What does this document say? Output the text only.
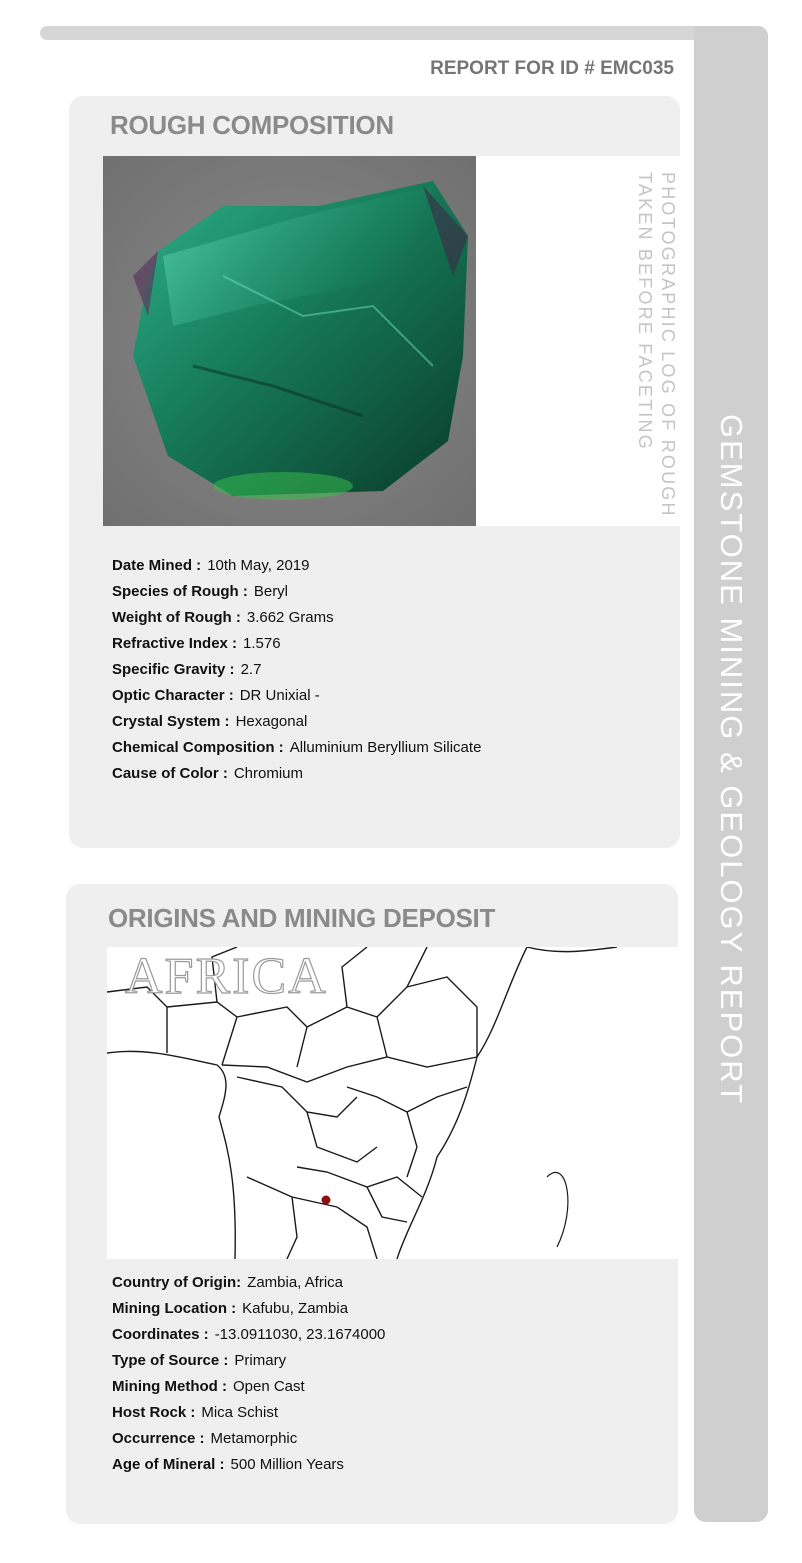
GEMSTONE MINING & GEOLOGY REPORT
REPORT FOR ID # EMC035
ROUGH COMPOSITION
PHOTOGRAPHIC LOG OF ROUGH
TAKEN BEFORE FACETING
Date Mined : 10th May, 2019
Species of Rough : Beryl
Weight of Rough : 3.662 Grams
Refractive Index : 1.576
Specific Gravity : 2.7
Optic Character : DR Unixial -
Crystal System : Hexagonal
Chemical Composition : Alluminium Beryllium Silicate
Cause of Color : Chromium
ORIGINS AND MINING DEPOSIT
AFRICA
Country of Origin: Zambia, Africa
Mining Location : Kafubu, Zambia
Coordinates : -13.0911030, 23.1674000
Type of Source : Primary
Mining Method : Open Cast
Host Rock : Mica Schist
Occurrence : Metamorphic
Age of Mineral : 500 Million Years
